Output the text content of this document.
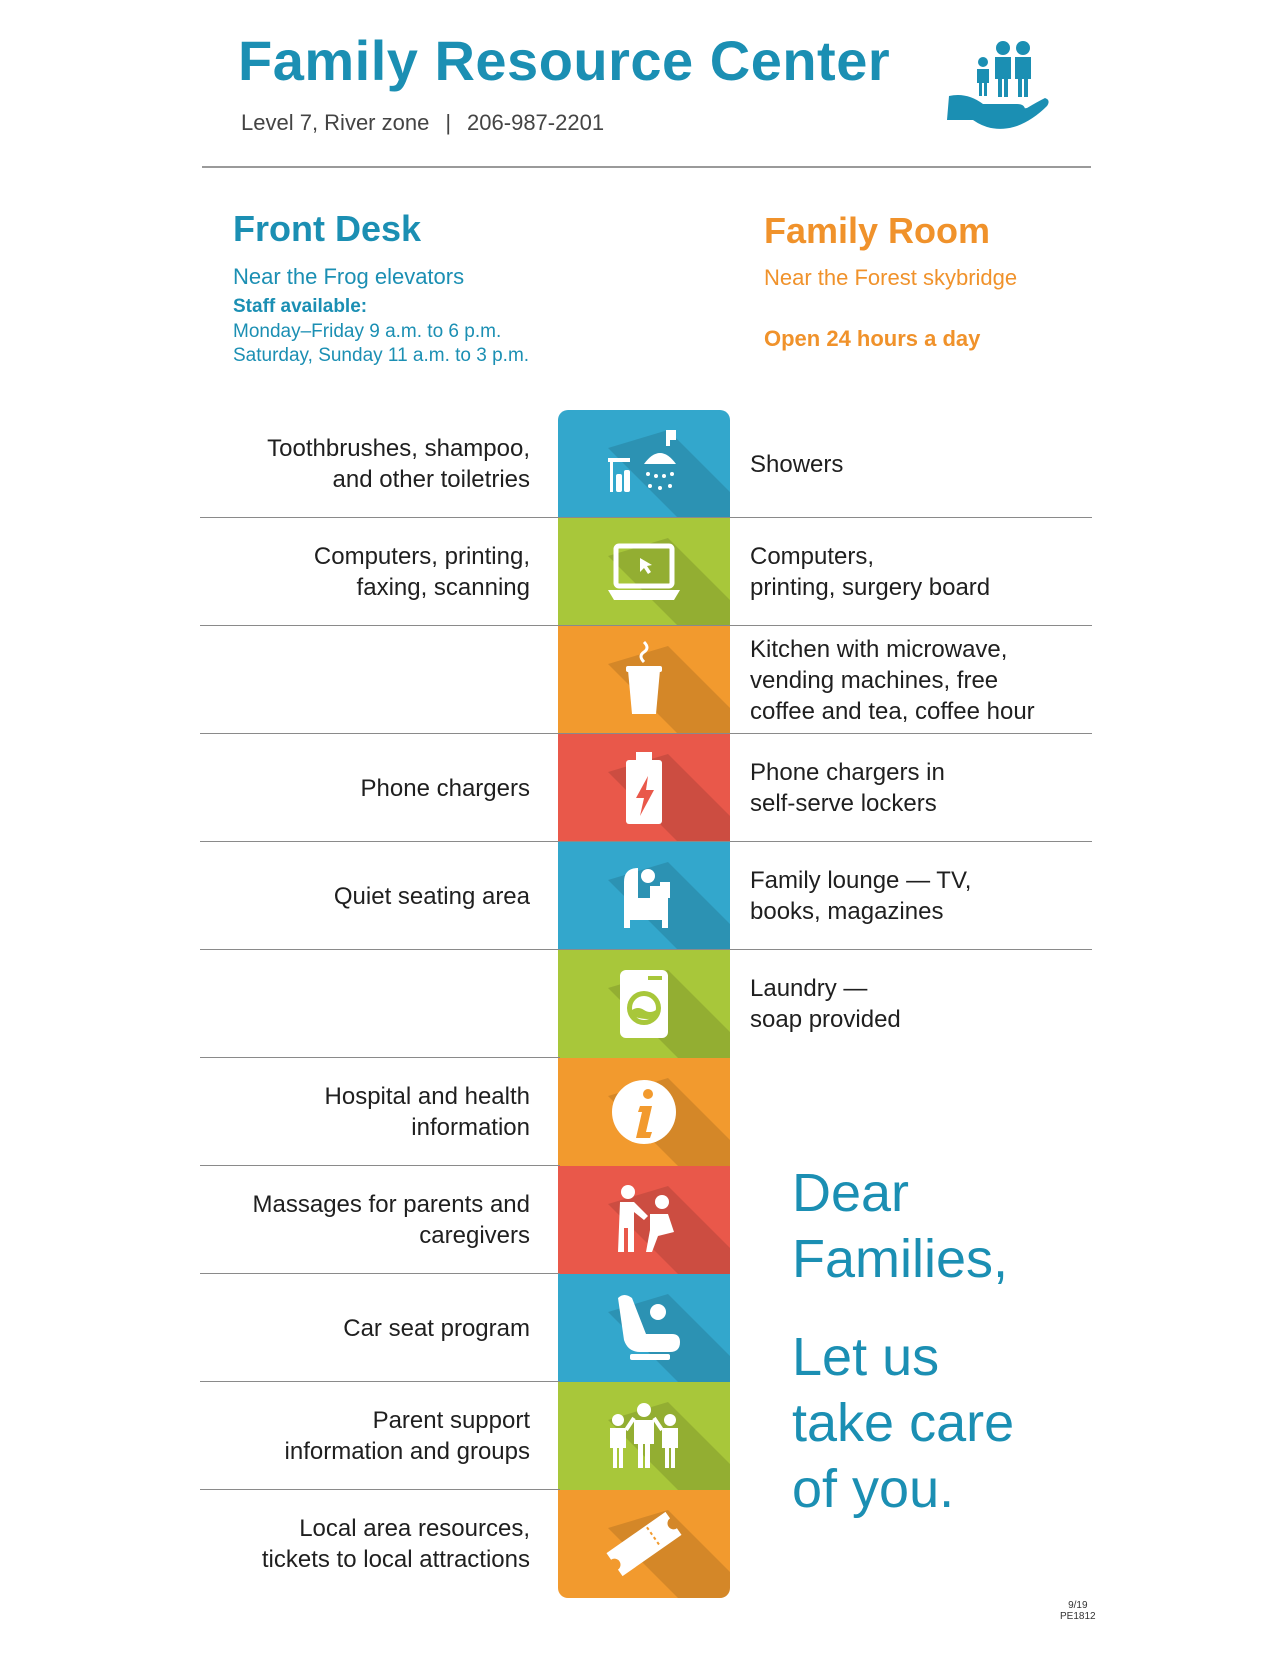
Family Resource Center
Level 7, River zone | 206-987-2201
Front Desk
Near the Frog elevators
Staff available:
Monday–Friday 9 a.m. to 6 p.m.
Saturday, Sunday 11 a.m. to 3 p.m.
Family Room
Near the Forest skybridge
Open 24 hours a day
Toothbrushes, shampoo,
and other toiletries
Showers
Computers, printing,
faxing, scanning
Computers,
printing, surgery board
Kitchen with microwave,
vending machines, free
coffee and tea, coffee hour
Phone chargers
Phone chargers in
self-serve lockers
Quiet seating area
Family lounge — TV,
books, magazines
Laundry —
soap provided
Hospital and health
information
Massages for parents and
caregivers
Car seat program
Parent support
information and groups
Local area resources,
tickets to local attractions
Dear
Families,
Let us
take care
of you.
9/19
PE1812
